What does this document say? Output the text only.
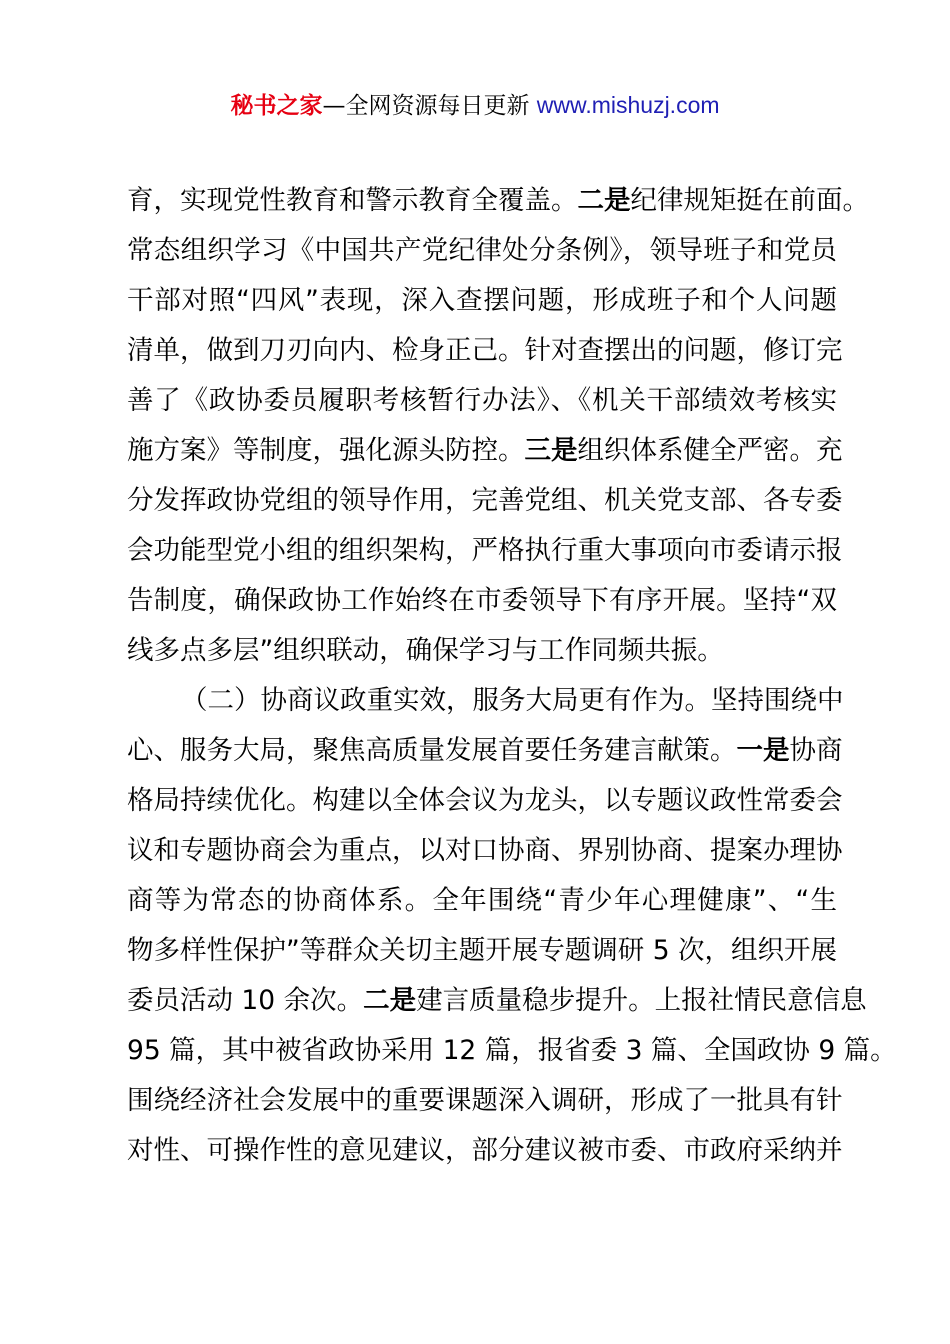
秘书之家—全网资源每日更新 www.mishuzj.com
育，实现党性教育和警示教育全覆盖。二是纪律规矩挺在前面。
常态组织学习《中国共产党纪律处分条例》，领导班子和党员
干部对照“四风”表现，深入查摆问题，形成班子和个人问题
清单，做到刀刃向内、检身正己。针对查摆出的问题，修订完
善了《政协委员履职考核暂行办法》、《机关干部绩效考核实
施方案》等制度，强化源头防控。三是组织体系健全严密。充
分发挥政协党组的领导作用，完善党组、机关党支部、各专委
会功能型党小组的组织架构，严格执行重大事项向市委请示报
告制度，确保政协工作始终在市委领导下有序开展。坚持“双
线多点多层”组织联动，确保学习与工作同频共振。
（二）协商议政重实效，服务大局更有作为。坚持围绕中
心、服务大局，聚焦高质量发展首要任务建言献策。一是协商
格局持续优化。构建以全体会议为龙头，以专题议政性常委会
议和专题协商会为重点，以对口协商、界别协商、提案办理协
商等为常态的协商体系。全年围绕“青少年心理健康”、“生
物多样性保护”等群众关切主题开展专题调研 5 次，组织开展
委员活动 10 余次。二是建言质量稳步提升。上报社情民意信息
95 篇，其中被省政协采用 12 篇，报省委 3 篇、全国政协 9 篇。
围绕经济社会发展中的重要课题深入调研，形成了一批具有针
对性、可操作性的意见建议，部分建议被市委、市政府采纳并
